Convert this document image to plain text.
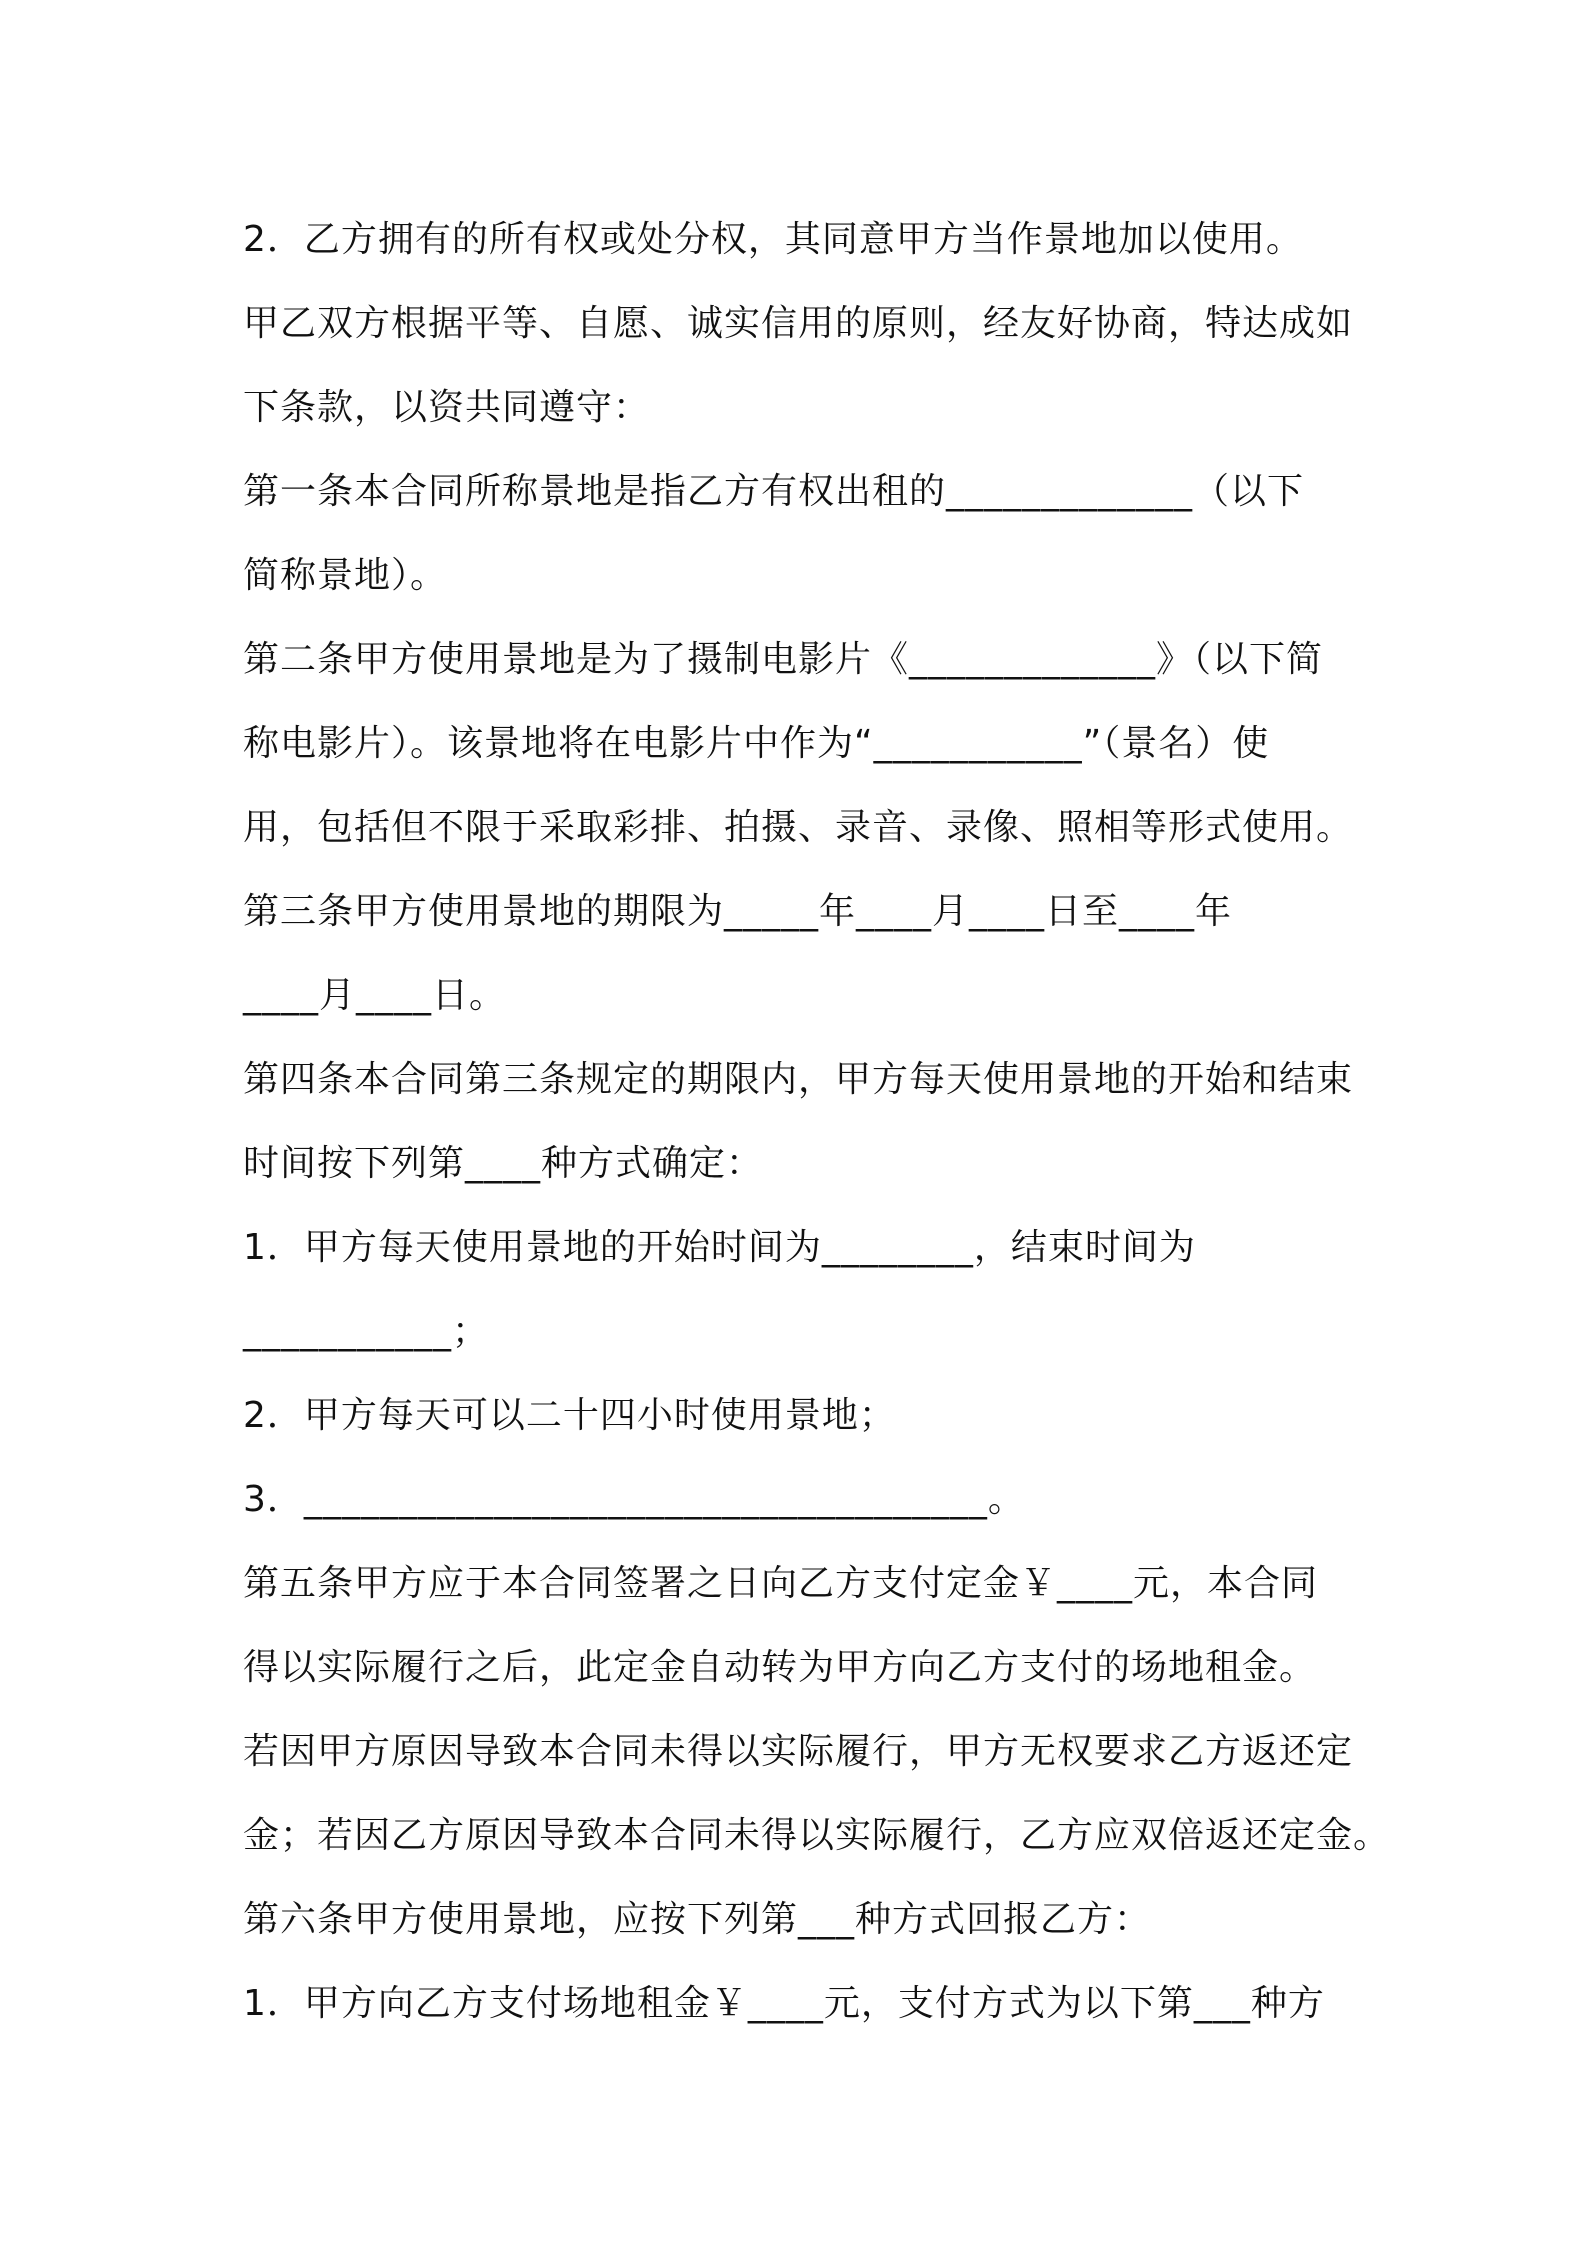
2．乙方拥有的所有权或处分权，其同意甲方当作景地加以使用。
甲乙双方根据平等、自愿、诚实信用的原则，经友好协商，特达成如
下条款，以资共同遵守：
第一条本合同所称景地是指乙方有权出租的_____________（以下
简称景地）。
第二条甲方使用景地是为了摄制电影片《_____________》（以下简
称电影片）。该景地将在电影片中作为“___________”（景名）使
用，包括但不限于采取彩排、拍摄、录音、录像、照相等形式使用。
第三条甲方使用景地的期限为_____年____月____日至____年
____月____日。
第四条本合同第三条规定的期限内，甲方每天使用景地的开始和结束
时间按下列第____种方式确定：
1．甲方每天使用景地的开始时间为________，结束时间为
___________；
2．甲方每天可以二十四小时使用景地；
3．____________________________________。
第五条甲方应于本合同签署之日向乙方支付定金￥____元，本合同
得以实际履行之后，此定金自动转为甲方向乙方支付的场地租金。
若因甲方原因导致本合同未得以实际履行，甲方无权要求乙方返还定
金；若因乙方原因导致本合同未得以实际履行，乙方应双倍返还定金。
第六条甲方使用景地，应按下列第___种方式回报乙方：
1．甲方向乙方支付场地租金￥____元，支付方式为以下第___种方
